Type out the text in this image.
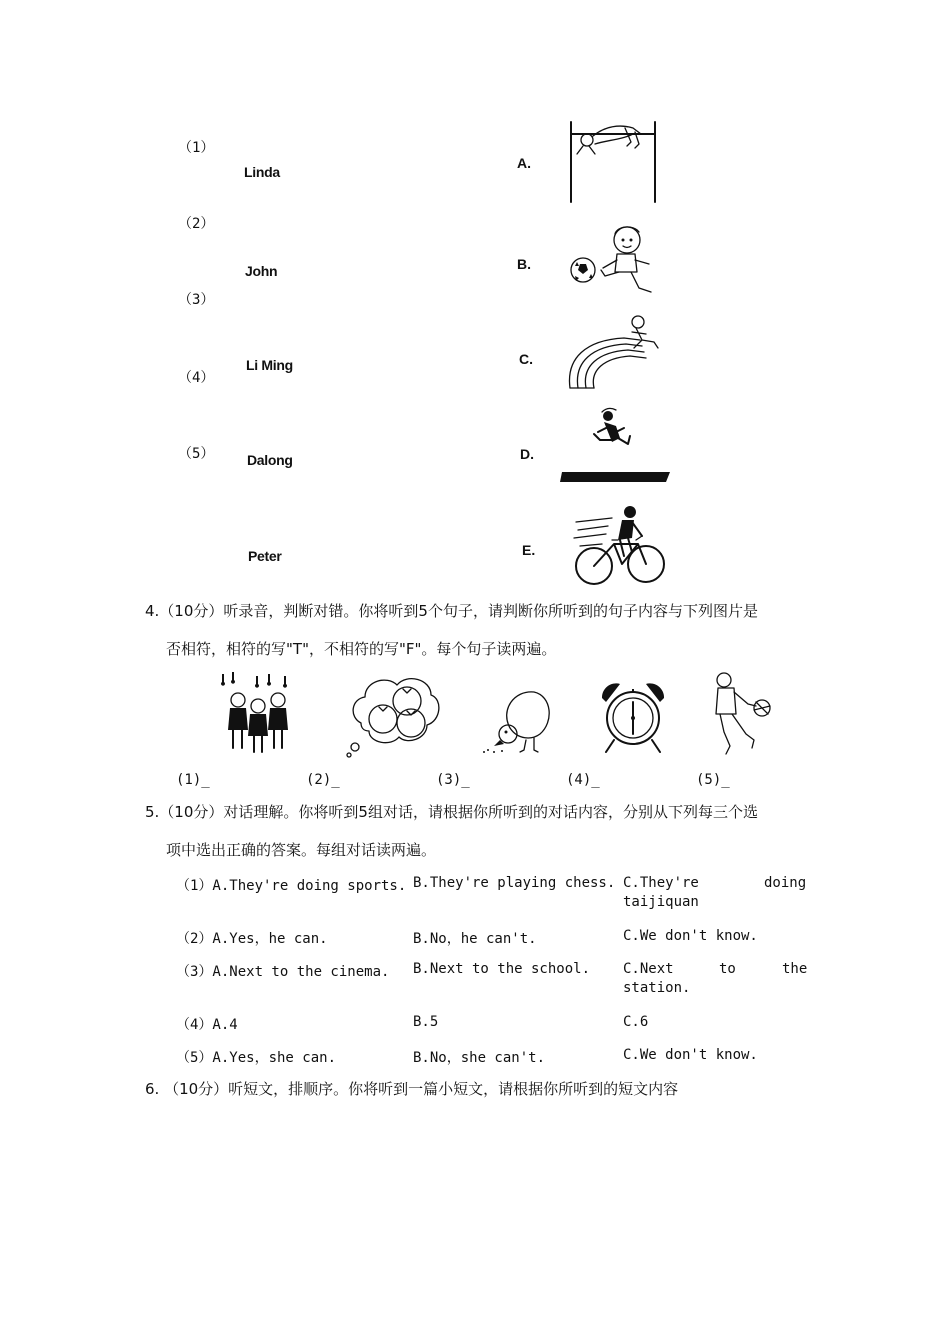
（1）
（2）
（3）
（4）
（5）
Linda
John
Li Ming
Dalong
Peter
A.
B.
C.
D.
E.
4.（10分）听录音，判断对错。你将听到5个句子，请判断你所听到的句子内容与下列图片是
否相符，相符的写"T"，不相符的写"F"。每个句子读两遍。
(1)_	(2)_	(3)_	(4)_	(5)_
5.（10分）对话理解。你将听到5组对话，请根据你所听到的对话内容，分别从下列每三个选
项中选出正确的答案。每组对话读两遍。
（1）A.They're doing sports. B.They're playing chess. C.They're	doing
taijiquan
（2）A.Yes，he can.	B.No，he can't.	C.We don't know.
（3）A.Next to the cinema. B.Next to the school. C.Next	to	the
station.
（4）A.4	B.5	C.6
（5）A.Yes，she can.	B.No，she can't.	C.We don't know.
6. （10分）听短文，排顺序。你将听到一篇小短文，请根据你所听到的短文内容
